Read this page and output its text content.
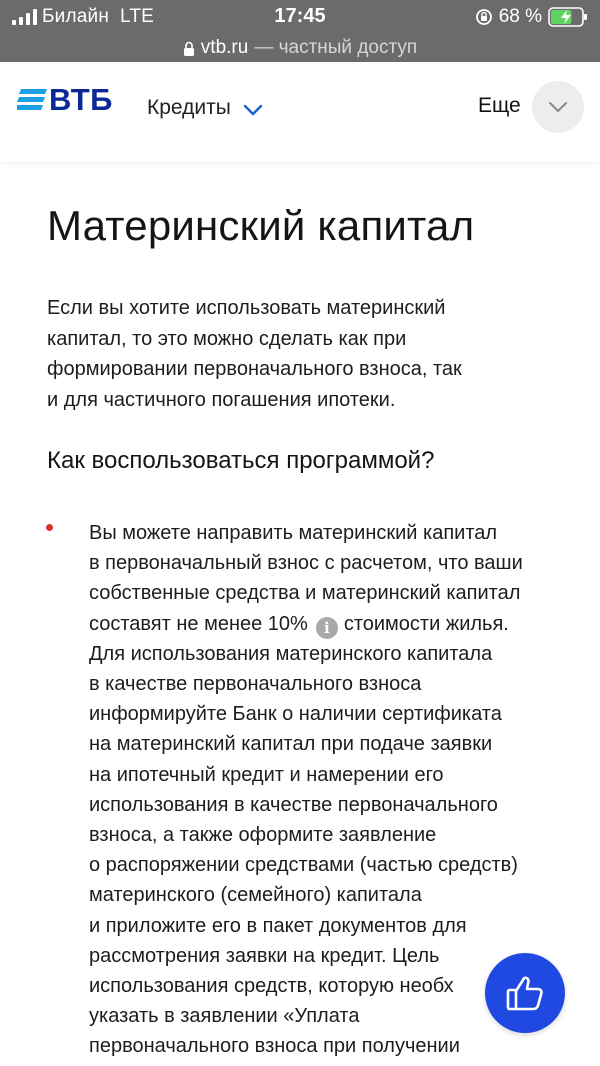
Билайн LTE	17:45	68 %
vtb.ru — частный доступ
ВТБ Кредиты	Еще
Материнский капитал

Если вы хотите использовать материнский
капитал, то это можно сделать как при
формировании первоначального взноса, так
и для частичного погашения ипотеки.

Как воспользоваться программой?

Вы можете направить материнский капитал
в первоначальный взнос с расчетом, что ваши
собственные средства и материнский капитал
составят не менее 10% i стоимости жилья.
Для использования материнского капитала
в качестве первоначального взноса
информируйте Банк о наличии сертификата
на материнский капитал при подаче заявки
на ипотечный кредит и намерении его
использования в качестве первоначального
взноса, а также оформите заявление
о распоряжении средствами (частью средств)
материнского (семейного) капитала
и приложите его в пакет документов для
рассмотрения заявки на кредит. Цель
использования средств, которую необх
указать в заявлении «Уплата
первоначального взноса при получении
